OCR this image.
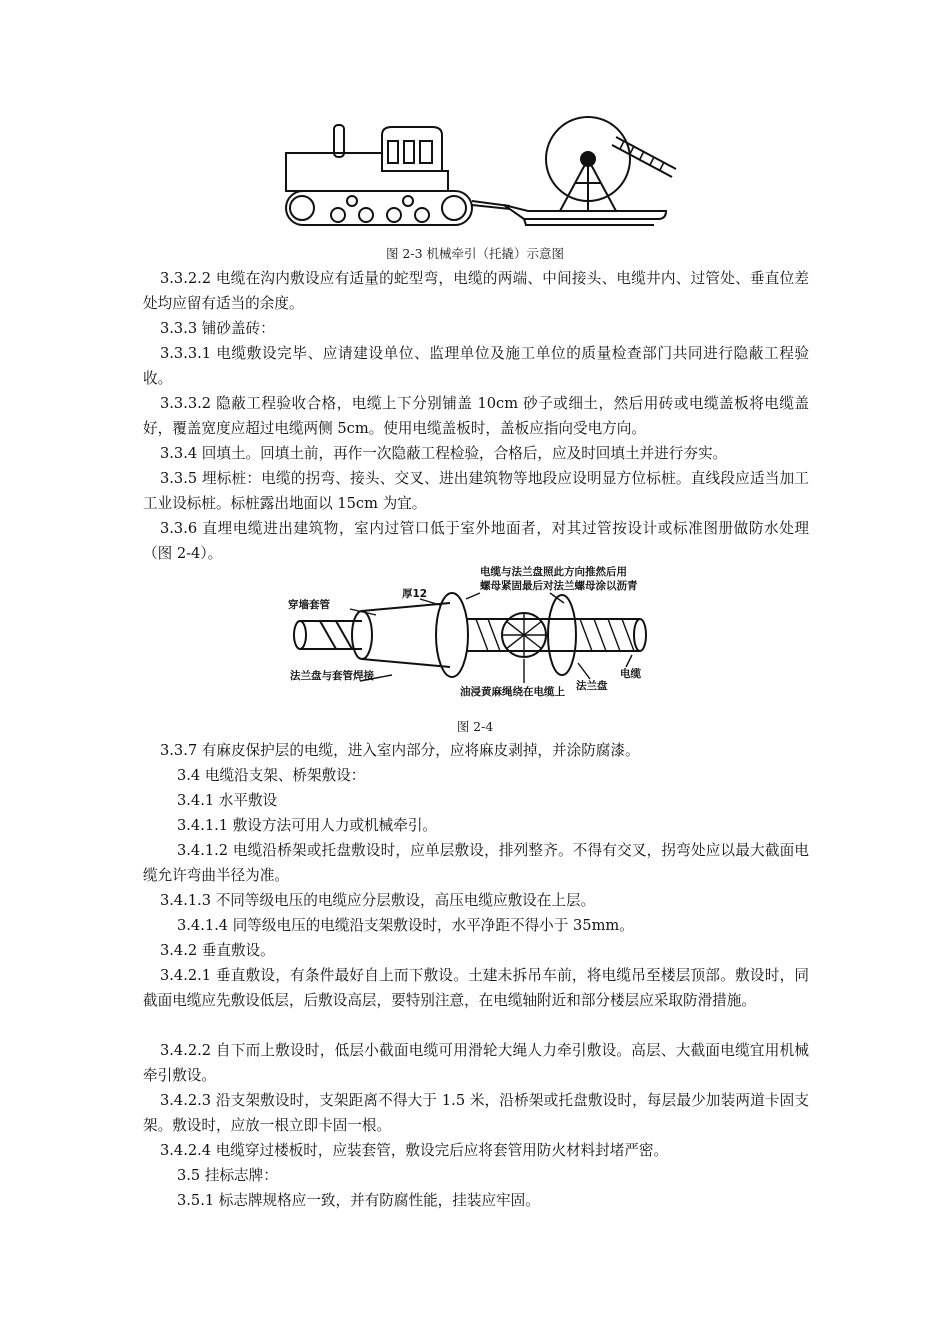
图 2-3 机械牵引（托撬）示意图

3.3.2.2 电缆在沟内敷设应有适量的蛇型弯，电缆的两端、中间接头、电缆井内、过管处、垂直位差处均应留有适当的余度。

3.3.3 铺砂盖砖：

3.3.3.1 电缆敷设完毕、应请建设单位、监理单位及施工单位的质量检查部门共同进行隐蔽工程验收。

3.3.3.2 隐蔽工程验收合格，电缆上下分别铺盖 10cm 砂子或细土，然后用砖或电缆盖板将电缆盖好，覆盖宽度应超过电缆两侧 5cm。使用电缆盖板时，盖板应指向受电方向。

3.3.4 回填土。回填土前，再作一次隐蔽工程检验，合格后，应及时回填土并进行夯实。

3.3.5 埋标桩：电缆的拐弯、接头、交叉、进出建筑物等地段应设明显方位标桩。直线段应适当加工工业设标桩。标桩露出地面以 15cm 为宜。

3.3.6 直埋电缆进出建筑物，室内过管口低于室外地面者，对其过管按设计或标准图册做防水处理（图 2-4）。

穿墙套管
厚12
电缆与法兰盘照此方向推然后用
螺母紧固最后对法兰螺母涂以沥青
法兰盘与套管焊接
油浸黄麻绳绕在电缆上 法兰盘
电缆
图 2-4

3.3.7 有麻皮保护层的电缆，进入室内部分，应将麻皮剥掉，并涂防腐漆。

3.4 电缆沿支架、桥架敷设：

3.4.1 水平敷设

3.4.1.1 敷设方法可用人力或机械牵引。

3.4.1.2 电缆沿桥架或托盘敷设时，应单层敷设，排列整齐。不得有交叉，拐弯处应以最大截面电缆允许弯曲半径为准。

3.4.1.3 不同等级电压的电缆应分层敷设，高压电缆应敷设在上层。

3.4.1.4 同等级电压的电缆沿支架敷设时，水平净距不得小于 35mm。

3.4.2 垂直敷设。

3.4.2.1 垂直敷设，有条件最好自上而下敷设。土建未拆吊车前，将电缆吊至楼层顶部。敷设时，同截面电缆应先敷设低层，后敷设高层，要特别注意，在电缆轴附近和部分楼层应采取防滑措施。

3.4.2.2 自下而上敷设时，低层小截面电缆可用滑轮大绳人力牵引敷设。高层、大截面电缆宜用机械牵引敷设。

3.4.2.3 沿支架敷设时，支架距离不得大于 1.5 米，沿桥架或托盘敷设时，每层最少加装两道卡固支架。敷设时，应放一根立即卡固一根。

3.4.2.4 电缆穿过楼板时，应装套管，敷设完后应将套管用防火材料封堵严密。

3.5 挂标志牌：

3.5.1 标志牌规格应一致，并有防腐性能，挂装应牢固。
